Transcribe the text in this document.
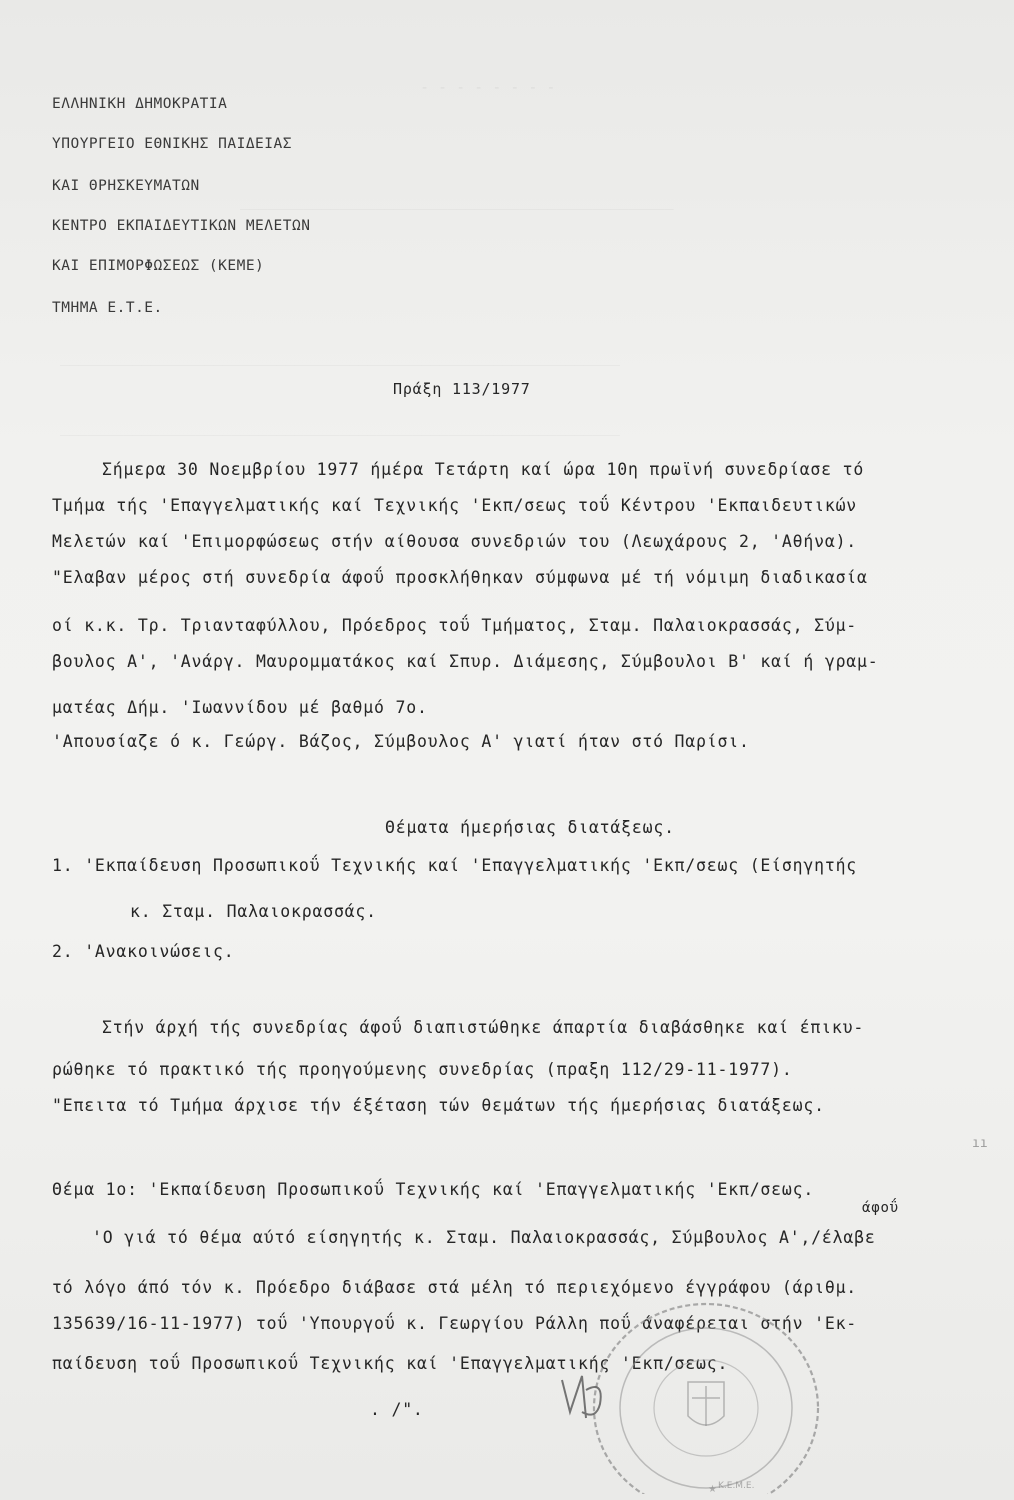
- - - - - - - -
________________________________________________
______________________________________________________________
______________________________________________________________
ΕΛΛΗΝΙΚΗ ΔΗΜΟΚΡΑΤΙΑ
ΥΠΟΥΡΓΕΙΟ ΕΘΝΙΚΗΣ ΠΑΙΔΕΙΑΣ
ΚΑΙ ΘΡΗΣΚΕΥΜΑΤΩΝ
ΚΕΝΤΡΟ ΕΚΠΑΙΔΕΥΤΙΚΩΝ ΜΕΛΕΤΩΝ
ΚΑΙ ΕΠΙΜΟΡΦΩΣΕΩΣ (ΚΕΜΕ)
ΤΜΗΜΑ Ε.Τ.Ε.
Πράξη 113/1977
Σήμερα 30 Νοεμβρίου 1977 ήμέρα Τετάρτη καί ώρα 10η πρωϊνή συνεδρίασε τό
Τμήμα τής 'Επαγγελματικής καί Τεχνικής 'Εκπ/σεως τοΰ Κέντρου 'Εκπαιδευτικών
Μελετών καί 'Επιμορφώσεως στήν αίθουσα συνεδριών του (Λεωχάρους 2, 'Αθήνα).
"Ελαβαν μέρος στή συνεδρία άφοΰ προσκλήθηκαν σύμφωνα μέ τή νόμιμη διαδικασία
οί κ.κ. Τρ. Τριανταφύλλου, Πρόεδρος τοΰ Τμήματος, Σταμ. Παλαιοκρασσάς, Σύμ-
βουλος Α', 'Ανάργ. Μαυρομματάκος καί Σπυρ. Διάμεσης, Σύμβουλοι Β' καί ή γραμ-
ματέας Δήμ. 'Ιωαννίδου μέ βαθμό 7ο.
'Απουσίαζε ό κ. Γεώργ. Βάζος, Σύμβουλος Α' γιατί ήταν στό Παρίσι.
Θέματα ήμερήσιας διατάξεως.
1. 'Εκπαίδευση Προσωπικοΰ Τεχνικής καί 'Επαγγελματικής 'Εκπ/σεως (Είσηγητής
κ. Σταμ. Παλαιοκρασσάς.
2. 'Ανακοινώσεις.
Στήν άρχή τής συνεδρίας άφοΰ διαπιστώθηκε άπαρτία διαβάσθηκε καί έπικυ-
ρώθηκε τό πρακτικό τής προηγούμενης συνεδρίας (πραξη 112/29-11-1977).
"Επειτα τό Τμήμα άρχισε τήν έξέταση τών θεμάτων τής ήμερήσιας διατάξεως.
Θέμα 1ο: 'Εκπαίδευση Προσωπικοΰ Τεχνικής καί 'Επαγγελματικής 'Εκπ/σεως.
άφοΰ
'Ο γιά τό θέμα αύτό είσηγητής κ. Σταμ. Παλαιοκρασσάς, Σύμβουλος Α',/έλαβε
τό λόγο άπό τόν κ. Πρόεδρο διάβασε στά μέλη τό περιεχόμενο έγγράφου (άριθμ.
135639/16-11-1977) τοΰ 'Υπουργοΰ κ. Γεωργίου Ράλλη ποΰ άναφέρεται στήν 'Εκ-
παίδευση τοΰ Προσωπικοΰ Τεχνικής καί 'Επαγγελματικής 'Εκπ/σεως.
. /".
ıı
K.E.M.E.
★
